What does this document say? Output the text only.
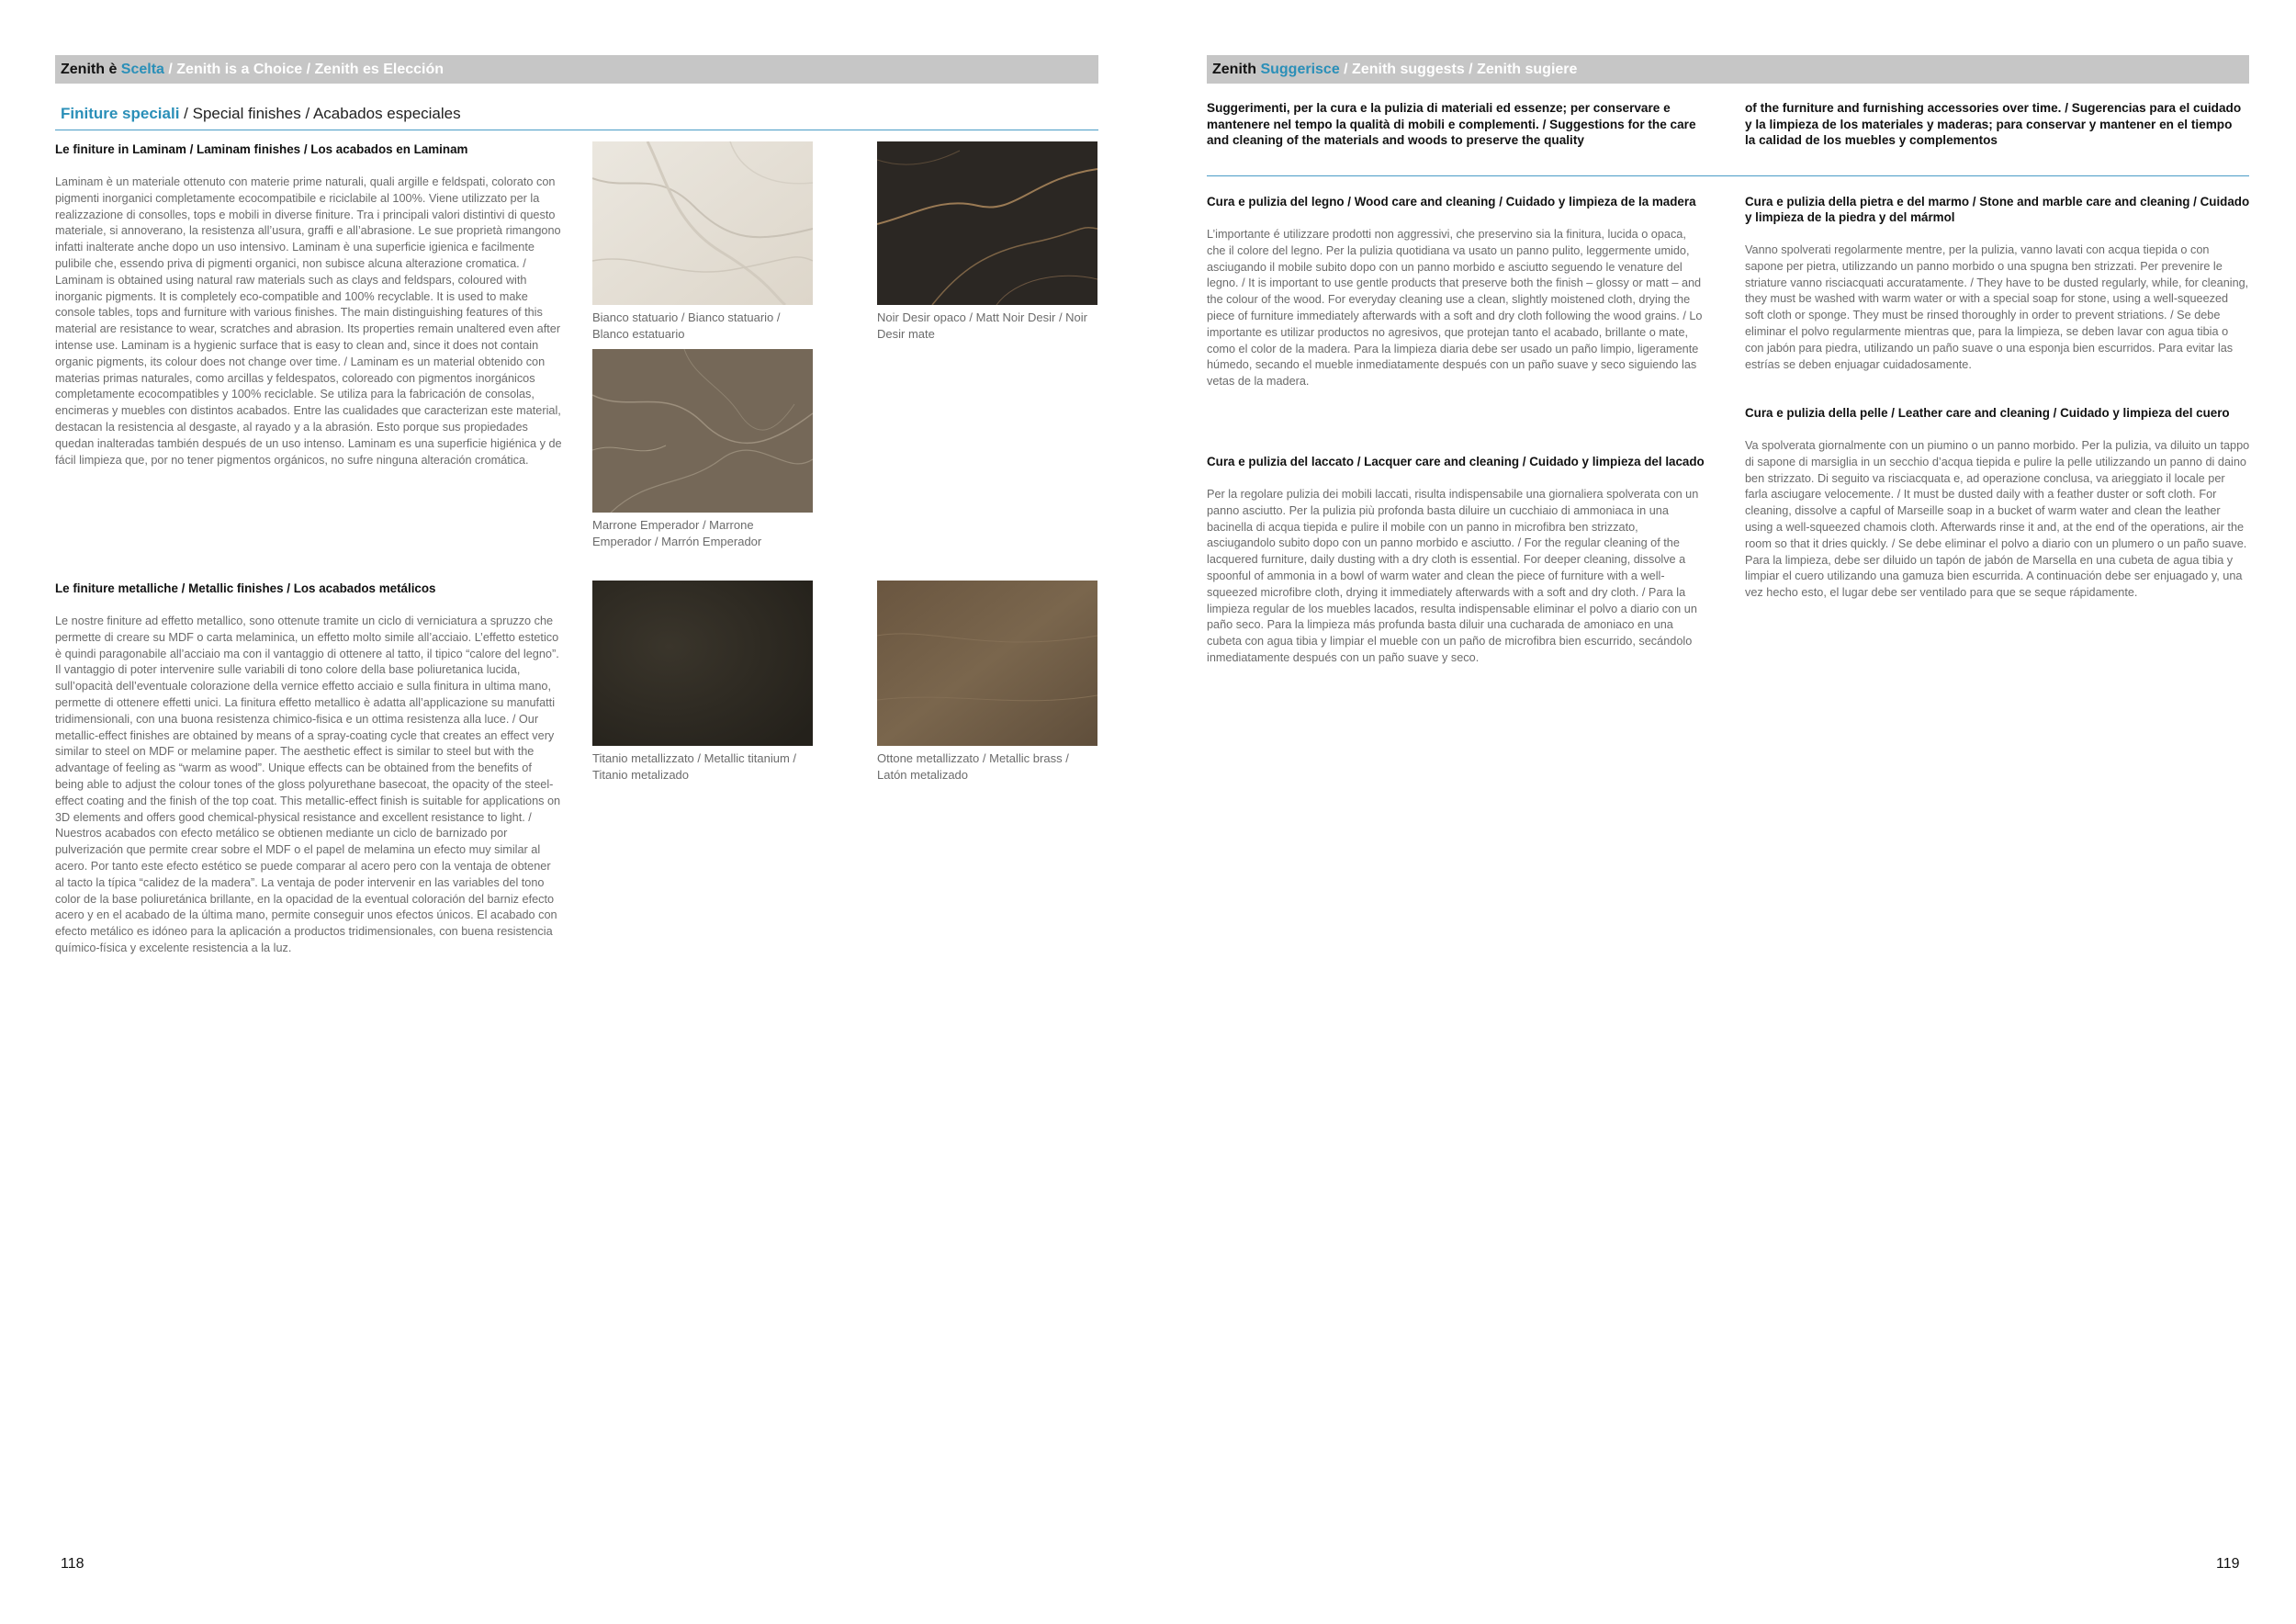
Zenith è Scelta / Zenith is a Choice / Zenith es Elección
Finiture speciali / Special finishes / Acabados especiales
Le finiture in Laminam / Laminam finishes / Los acabados en Laminam

Laminam è un materiale ottenuto con materie prime naturali, quali argille e feldspati, colorato con pigmenti inorganici completamente ecocompatibile e riciclabile al 100%. Viene utilizzato per la realizzazione di consolles, tops e mobili in diverse finiture. Tra i principali valori distintivi di questo materiale, si annoverano, la resistenza all’usura, graffi e all’abrasione. Le sue proprietà rimangono infatti inalterate anche dopo un uso intensivo. Laminam è una superficie igienica e facilmente pulibile che, essendo priva di pigmenti organici, non subisce alcuna alterazione cromatica. / Laminam is obtained using natural raw materials such as clays and feldspars, coloured with inorganic pigments. It is completely eco-compatible and 100% recyclable. It is used to make console tables, tops and furniture with various finishes. The main distinguishing features of this material are resistance to wear, scratches and abrasion. Its properties remain unaltered even after intense use. Laminam is a hygienic surface that is easy to clean and, since it does not contain organic pigments, its colour does not change over time. / Laminam es un material obtenido con materias primas naturales, como arcillas y feldespatos, coloreado con pigmentos inorgánicos completamente ecocompatibles y 100% reciclable. Se utiliza para la fabricación de consolas, encimeras y muebles con distintos acabados. Entre las cualidades que caracterizan este material, destacan la resistencia al desgaste, al rayado y a la abrasión. Esto porque sus propiedades quedan inalteradas también después de un uso intenso. Laminam es una superficie higiénica y de fácil limpieza que, por no tener pigmentos orgánicos, no sufre ninguna alteración cromática.

Le finiture metalliche / Metallic finishes / Los acabados metálicos

Le nostre finiture ad effetto metallico, sono ottenute tramite un ciclo di verniciatura a spruzzo che permette di creare su MDF o carta melaminica, un effetto molto simile all’acciaio. L’effetto estetico è quindi paragonabile all’acciaio ma con il vantaggio di ottenere al tatto, il tipico “calore del legno”. Il vantaggio di poter intervenire sulle variabili di tono colore della base poliuretanica lucida, sull’opacità dell’eventuale colorazione della vernice effetto acciaio e sulla finitura in ultima mano, permette di ottenere effetti unici. La finitura effetto metallico è adatta all’applicazione su manufatti tridimensionali, con una buona resistenza chimico-fisica e un ottima resistenza alla luce. / Our metallic-effect finishes are obtained by means of a spray-coating cycle that creates an effect very similar to steel on MDF or melamine paper. The aesthetic effect is similar to steel but with the advantage of feeling as “warm as wood”. Unique effects can be obtained from the benefits of being able to adjust the colour tones of the gloss polyurethane basecoat, the opacity of the steel-effect coating and the finish of the top coat. This metallic-effect finish is suitable for applications on 3D elements and offers good chemical-physical resistance and excellent resistance to light. / Nuestros acabados con efecto metálico se obtienen mediante un ciclo de barnizado por pulverización que permite crear sobre el MDF o el papel de melamina un efecto muy similar al acero. Por tanto este efecto estético se puede comparar al acero pero con la ventaja de obtener al tacto la típica “calidez de la madera”. La ventaja de poder intervenir en las variables del tono color de la base poliuretánica brillante, en la opacidad de la eventual coloración del barniz efecto acero y en el acabado de la última mano, permite conseguir unos efectos únicos. El acabado con efecto metálico es idóneo para la aplicación a productos tridimensionales, con buena resistencia químico-física y excelente resistencia a la luz.

Bianco statuario / Bianco statuario / Blanco estatuario
Noir Desir opaco / Matt Noir Desir / Noir Desir mate
Marrone Emperador / Marrone Emperador / Marrón Emperador
Titanio metallizzato / Metallic titanium / Titanio metalizado
Ottone metallizzato / Metallic brass / Latón metalizado
118
Zenith Suggerisce / Zenith suggests / Zenith sugiere
Suggerimenti, per la cura e la pulizia di materiali ed essenze; per conservare e mantenere nel tempo la qualità di mobili e complementi. / Suggestions for the care and cleaning of the materials and woods to preserve the quality
of the furniture and furnishing accessories over time. / Sugerencias para el cuidado y la limpieza de los materiales y maderas; para conservar y mantener en el tiempo la calidad de los muebles y complementos
Cura e pulizia del legno / Wood care and cleaning / Cuidado y limpieza de la madera

L’importante é utilizzare prodotti non aggressivi, che preservino sia la finitura, lucida o opaca, che il colore del legno. Per la pulizia quotidiana va usato un panno pulito, leggermente umido, asciugando il mobile subito dopo con un panno morbido e asciutto seguendo le venature del legno. / It is important to use gentle products that preserve both the finish – glossy or matt – and the colour of the wood. For everyday cleaning use a clean, slightly moistened cloth, drying the piece of furniture immediately afterwards with a soft and dry cloth following the wood grains. / Lo importante es utilizar productos no agresivos, que protejan tanto el acabado, brillante o mate, como el color de la madera. Para la limpieza diaria debe ser usado un paño limpio, ligeramente húmedo, secando el mueble inmediatamente después con un paño suave y seco siguiendo las vetas de la madera.

Cura e pulizia del laccato / Lacquer care and cleaning / Cuidado y limpieza del lacado

Per la regolare pulizia dei mobili laccati, risulta indispensabile una giornaliera spolverata con un panno asciutto. Per la pulizia più profonda basta diluire un cucchiaio di ammoniaca in una bacinella di acqua tiepida e pulire il mobile con un panno in microfibra ben strizzato, asciugandolo subito dopo con un panno morbido e asciutto. / For the regular cleaning of the lacquered furniture, daily dusting with a dry cloth is essential. For deeper cleaning, dissolve a spoonful of ammonia in a bowl of warm water and clean the piece of furniture with a well-squeezed microfibre cloth, drying it immediately afterwards with a soft and dry cloth. / Para la limpieza regular de los muebles lacados, resulta indispensable eliminar el polvo a diario con un paño seco. Para la limpieza más profunda basta diluir una cucharada de amoniaco en una cubeta con agua tibia y limpiar el mueble con un paño de microfibra bien escurrido, secándolo inmediatamente después con un paño suave y seco.

Cura e pulizia della pietra e del marmo / Stone and marble care and cleaning / Cuidado y limpieza de la piedra y del mármol

Vanno spolverati regolarmente mentre, per la pulizia, vanno lavati con acqua tiepida o con sapone per pietra, utilizzando un panno morbido o una spugna ben strizzati. Per prevenire le striature vanno risciacquati accuratamente. / They have to be dusted regularly, while, for cleaning, they must be washed with warm water or with a special soap for stone, using a well-squeezed soft cloth or sponge. They must be rinsed thoroughly in order to prevent striations. / Se debe eliminar el polvo regularmente mientras que, para la limpieza, se deben lavar con agua tibia o con jabón para piedra, utilizando un paño suave o una esponja bien escurridos. Para evitar las estrías se deben enjuagar cuidadosamente.

Cura e pulizia della pelle / Leather care and cleaning / Cuidado y limpieza del cuero

Va spolverata giornalmente con un piumino o un panno morbido. Per la pulizia, va diluito un tappo di sapone di marsiglia in un secchio d’acqua tiepida e pulire la pelle utilizzando un panno di daino ben strizzato. Di seguito va risciacquata e, ad operazione conclusa, va arieggiato il locale per farla asciugare velocemente. / It must be dusted daily with a feather duster or soft cloth. For cleaning, dissolve a capful of Marseille soap in a bucket of warm water and clean the leather using a well-squeezed chamois cloth. Afterwards rinse it and, at the end of the operations, air the room so that it dries quickly. / Se debe eliminar el polvo a diario con un plumero o un paño suave. Para la limpieza, debe ser diluido un tapón de jabón de Marsella en una cubeta de agua tibia y limpiar el cuero utilizando una gamuza bien escurrida. A continuación debe ser enjuagado y, una vez hecho esto, el lugar debe ser ventilado para que se seque rápidamente.

119
